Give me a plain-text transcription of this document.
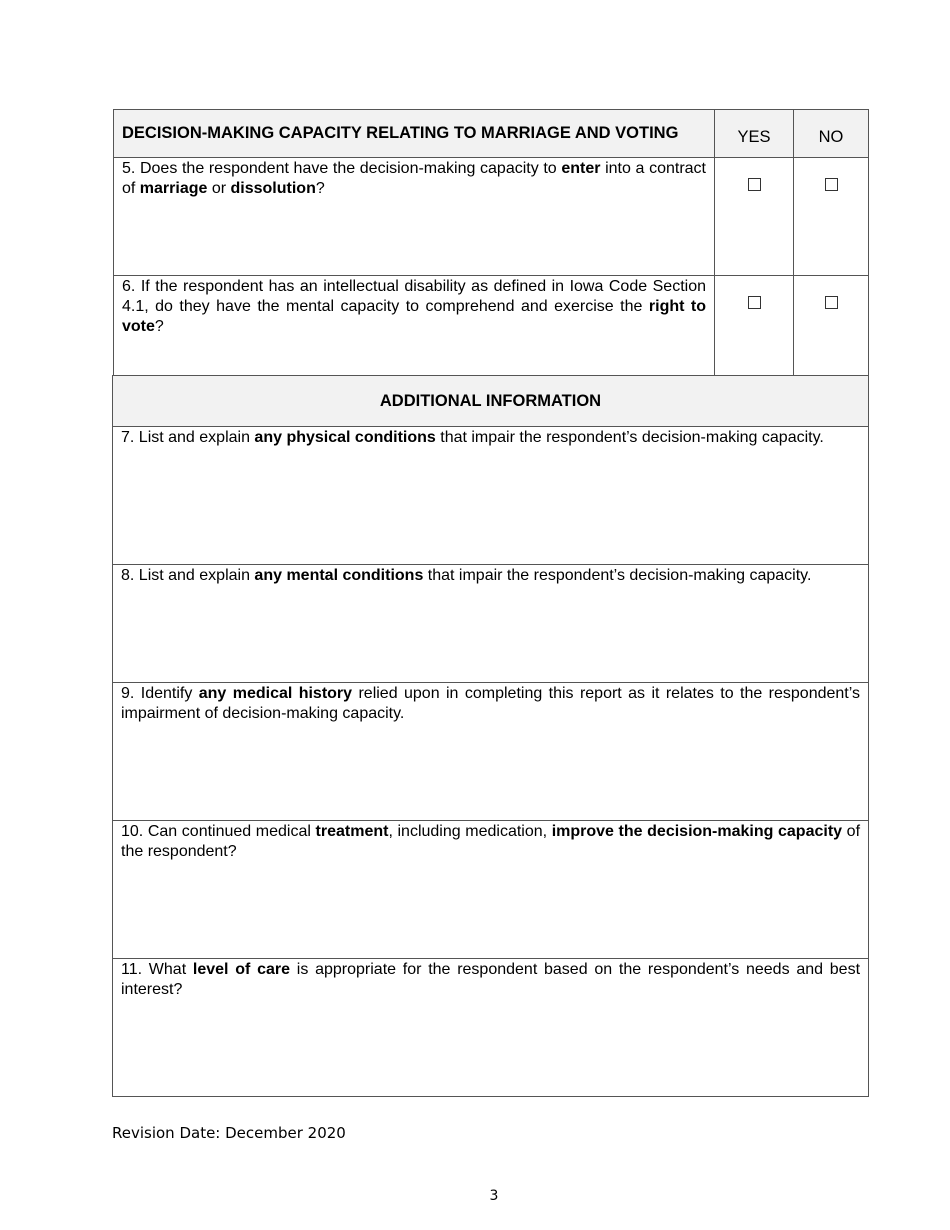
DECISION-MAKING CAPACITY RELATING TO MARRIAGE AND VOTING	YES	NO
5. Does the respondent have the decision-making capacity to enter into a contract of marriage or dissolution?		
6. If the respondent has an intellectual disability as defined in Iowa Code Section 4.1, do they have the mental capacity to comprehend and exercise the right to vote?		
ADDITIONAL INFORMATION
7. List and explain any physical conditions that impair the respondent’s decision-making capacity.
8. List and explain any mental conditions that impair the respondent’s decision-making capacity.
9. Identify any medical history relied upon in completing this report as it relates to the respondent’s impairment of decision-making capacity.
10. Can continued medical treatment, including medication, improve the decision-making capacity of the respondent?
11. What level of care is appropriate for the respondent based on the respondent’s needs and best interest?
Revision Date: December 2020
3
